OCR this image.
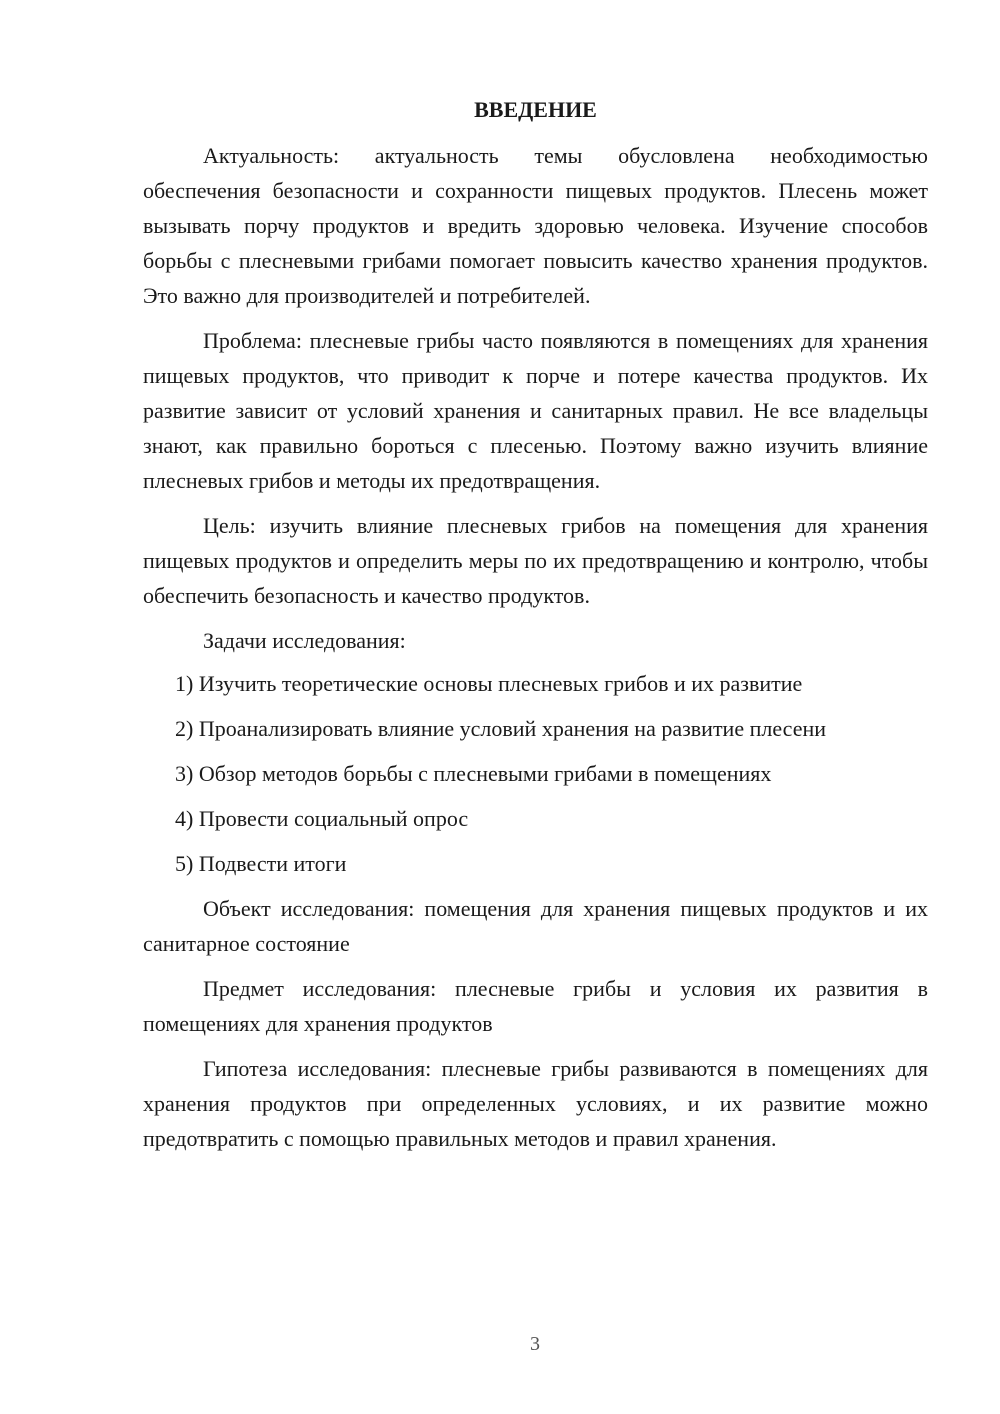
ВВЕДЕНИЕ

Актуальность: актуальность темы обусловлена необходимостью обеспечения безопасности и сохранности пищевых продуктов. Плесень может вызывать порчу продуктов и вредить здоровью человека. Изучение способов борьбы с плесневыми грибами помогает повысить качество хранения продуктов. Это важно для производителей и потребителей.

Проблема: плесневые грибы часто появляются в помещениях для хранения пищевых продуктов, что приводит к порче и потере качества продуктов. Их развитие зависит от условий хранения и санитарных правил. Не все владельцы знают, как правильно бороться с плесенью. Поэтому важно изучить влияние плесневых грибов и методы их предотвращения.

Цель: изучить влияние плесневых грибов на помещения для хранения пищевых продуктов и определить меры по их предотвращению и контролю, чтобы обеспечить безопасность и качество продуктов.

Задачи исследования:

1) Изучить теоретические основы плесневых грибов и их развитие
2) Проанализировать влияние условий хранения на развитие плесени
3) Обзор методов борьбы с плесневыми грибами в помещениях
4) Провести социальный опрос
5) Подвести итоги

Объект исследования: помещения для хранения пищевых продуктов и их санитарное состояние

Предмет исследования: плесневые грибы и условия их развития в помещениях для хранения продуктов

Гипотеза исследования: плесневые грибы развиваются в помещениях для хранения продуктов при определенных условиях, и их развитие можно предотвратить с помощью правильных методов и правил хранения.

3
